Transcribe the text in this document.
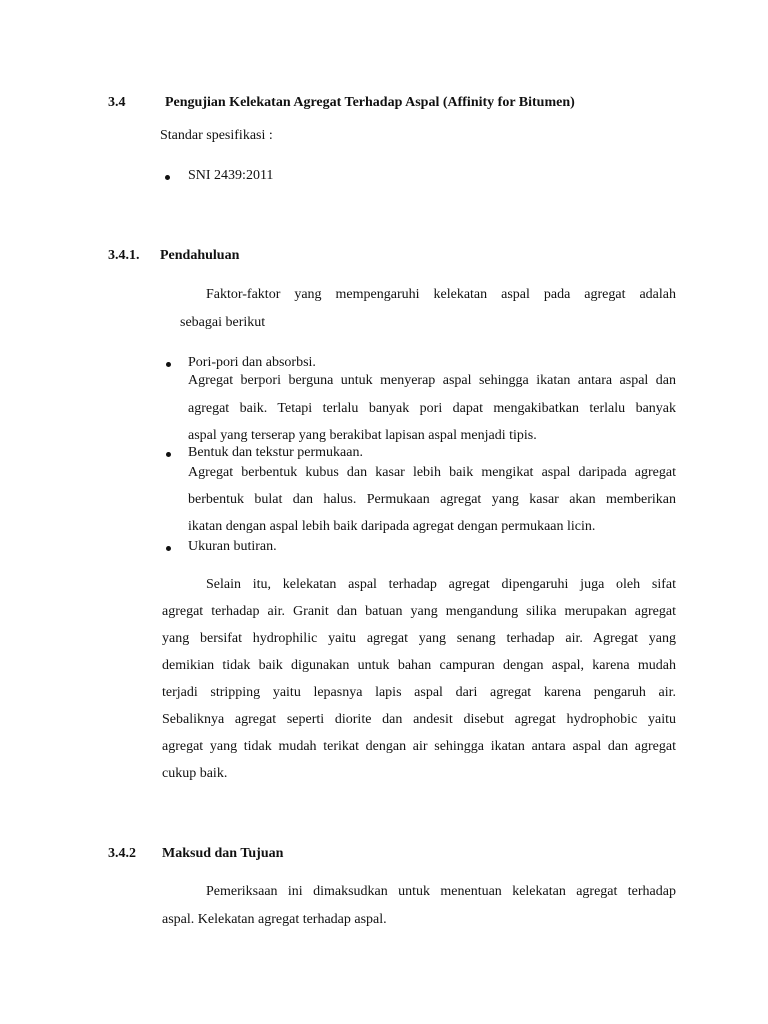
3.4	Pengujian Kelekatan Agregat Terhadap Aspal (Affinity for Bitumen)
Standar spesifikasi :
SNI 2439:2011
3.4.1. Pendahuluan
Faktor-faktor yang mempengaruhi kelekatan aspal pada agregat adalah
sebagai berikut
Pori-pori dan absorbsi.
Agregat berpori berguna untuk menyerap aspal sehingga ikatan antara aspal dan
agregat baik. Tetapi terlalu banyak pori dapat mengakibatkan terlalu banyak
aspal yang terserap yang berakibat lapisan aspal menjadi tipis.
Bentuk dan tekstur permukaan.
Agregat berbentuk kubus dan kasar lebih baik mengikat aspal daripada agregat
berbentuk bulat dan halus. Permukaan agregat yang kasar akan memberikan
ikatan dengan aspal lebih baik daripada agregat dengan permukaan licin.
Ukuran butiran.
Selain itu, kelekatan aspal terhadap agregat dipengaruhi juga oleh sifat
agregat terhadap air. Granit dan batuan yang mengandung silika merupakan agregat
yang bersifat hydrophilic yaitu agregat yang senang terhadap air. Agregat yang
demikian tidak baik digunakan untuk bahan campuran dengan aspal, karena mudah
terjadi stripping yaitu lepasnya lapis aspal dari agregat karena pengaruh air.
Sebaliknya agregat seperti diorite dan andesit disebut agregat hydrophobic yaitu
agregat yang tidak mudah terikat dengan air sehingga ikatan antara aspal dan agregat
cukup baik.
3.4.2 Maksud dan Tujuan
Pemeriksaan ini dimaksudkan untuk menentuan kelekatan agregat terhadap
aspal. Kelekatan agregat terhadap aspal.
